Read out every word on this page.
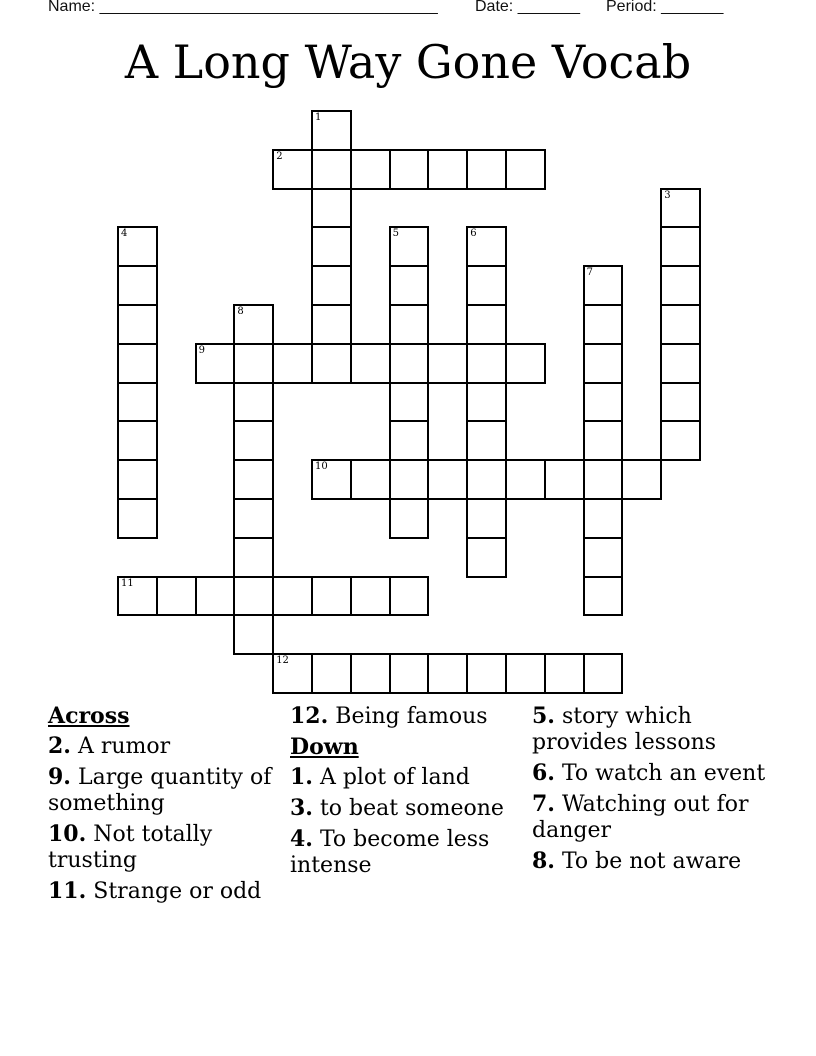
Name: ______________________________________

Date: _______

Period: _______

A Long Way Gone Vocab
1
2
3
4	5	6
7
8
9
10
11
12
Across
2. A rumor
9. Large quantity of something
10. Not totally trusting
11. Strange or odd
12. Being famous
Down
1. A plot of land
3. to beat someone
4. To become less intense
5. story which provides lessons
6. To watch an event
7. Watching out for danger
8. To be not aware
